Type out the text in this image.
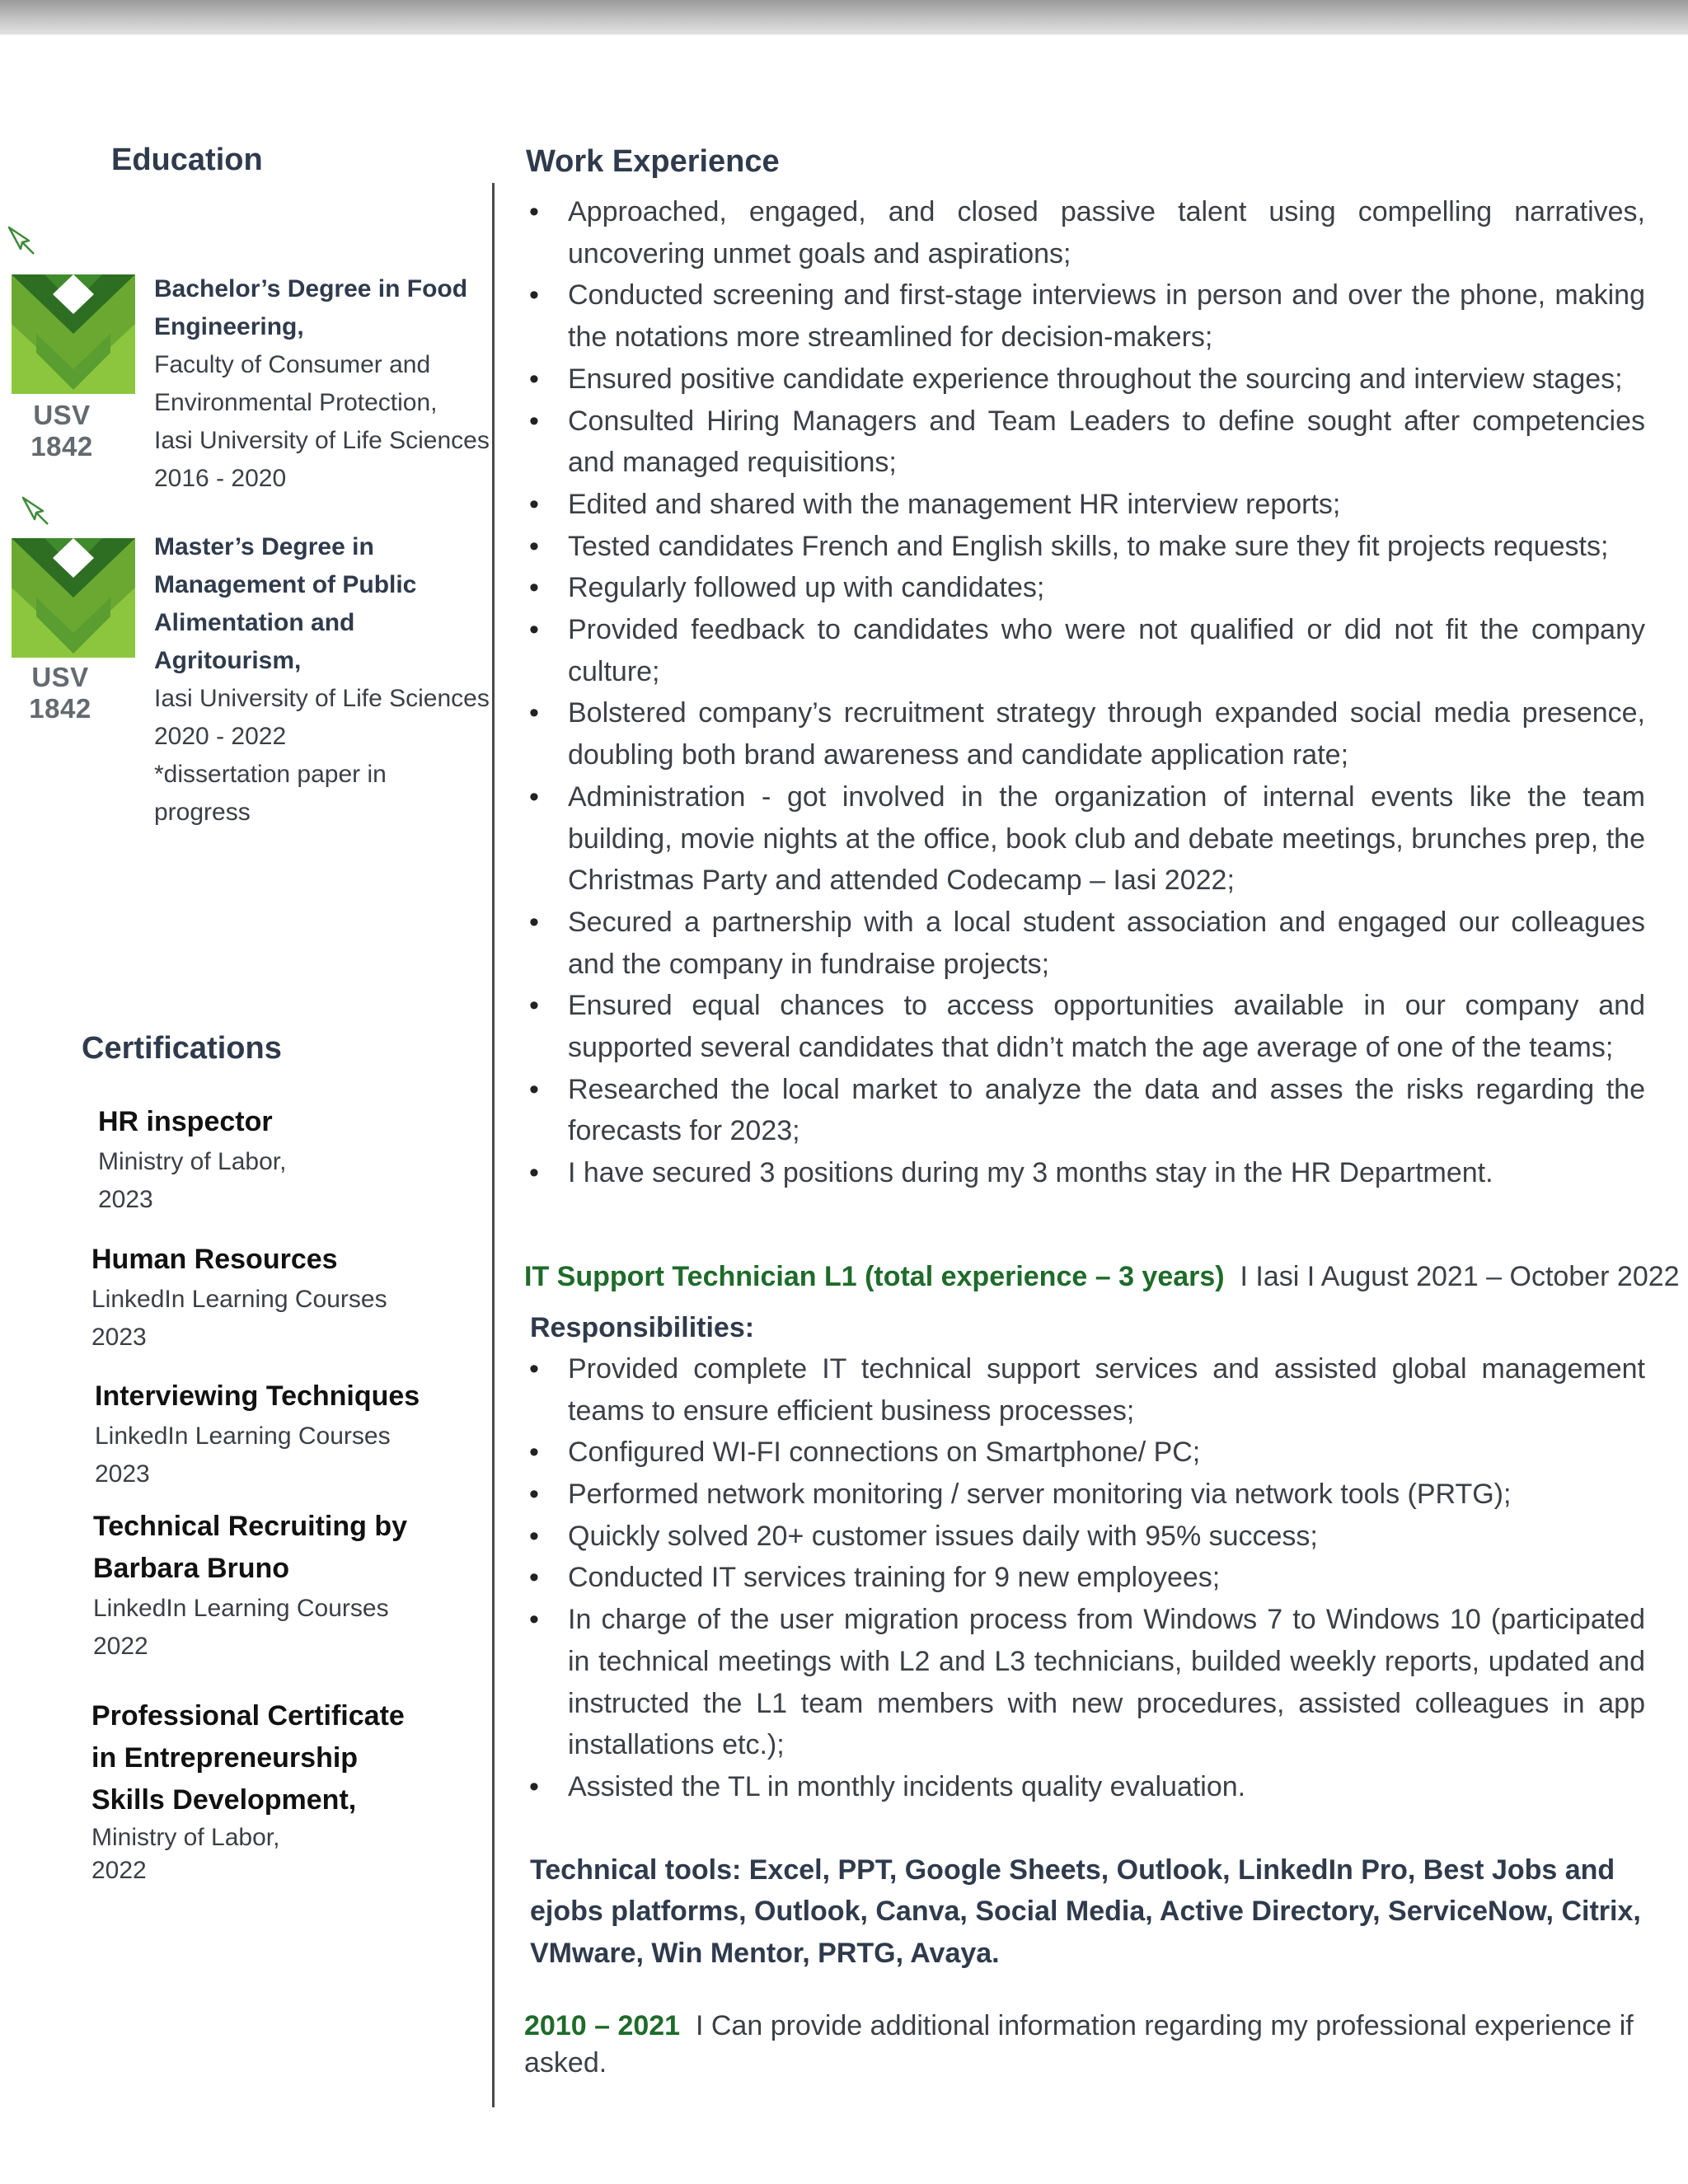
Education
USV 1842
Bachelor’s Degree in Food Engineering,
Faculty of Consumer and
Environmental Protection,
Iasi University of Life Sciences
2016 - 2020
USV 1842
Master’s Degree in Management of Public Alimentation and Agritourism,
Iasi University of Life Sciences
2020 - 2022
*dissertation paper in progress
Certifications
HR inspector
Ministry of Labor,
2023
Human Resources
LinkedIn Learning Courses
2023
Interviewing Techniques
LinkedIn Learning Courses
2023
Technical Recruiting by Barbara Bruno
LinkedIn Learning Courses
2022
Professional Certificate in Entrepreneurship Skills Development,
Ministry of Labor,
2022
Work Experience
• Approached, engaged, and closed passive talent using compelling narratives, uncovering unmet goals and aspirations;
• Conducted screening and first-stage interviews in person and over the phone, making the notations more streamlined for decision-makers;
• Ensured positive candidate experience throughout the sourcing and interview stages;
• Consulted Hiring Managers and Team Leaders to define sought after competencies and managed requisitions;
• Edited and shared with the management HR interview reports;
• Tested candidates French and English skills, to make sure they fit projects requests;
• Regularly followed up with candidates;
• Provided feedback to candidates who were not qualified or did not fit the company culture;
• Bolstered company’s recruitment strategy through expanded social media presence, doubling both brand awareness and candidate application rate;
• Administration - got involved in the organization of internal events like the team building, movie nights at the office, book club and debate meetings, brunches prep, the Christmas Party and attended Codecamp – Iasi 2022;
• Secured a partnership with a local student association and engaged our colleagues and the company in fundraise projects;
• Ensured equal chances to access opportunities available in our company and supported several candidates that didn’t match the age average of one of the teams;
• Researched the local market to analyze the data and asses the risks regarding the forecasts for 2023;
• I have secured 3 positions during my 3 months stay in the HR Department.
IT Support Technician L1 (total experience – 3 years) I Iasi I August 2021 – October 2022
Responsibilities:
• Provided complete IT technical support services and assisted global management teams to ensure efficient business processes;
• Configured WI-FI connections on Smartphone/ PC;
• Performed network monitoring / server monitoring via network tools (PRTG);
• Quickly solved 20+ customer issues daily with 95% success;
• Conducted IT services training for 9 new employees;
• In charge of the user migration process from Windows 7 to Windows 10 (participated in technical meetings with L2 and L3 technicians, builded weekly reports, updated and instructed the L1 team members with new procedures, assisted colleagues in app installations etc.);
• Assisted the TL in monthly incidents quality evaluation.
Technical tools: Excel, PPT, Google Sheets, Outlook, LinkedIn Pro, Best Jobs and ejobs platforms, Outlook, Canva, Social Media, Active Directory, ServiceNow, Citrix, VMware, Win Mentor, PRTG, Avaya.
2010 – 2021 I Can provide additional information regarding my professional experience if asked.
